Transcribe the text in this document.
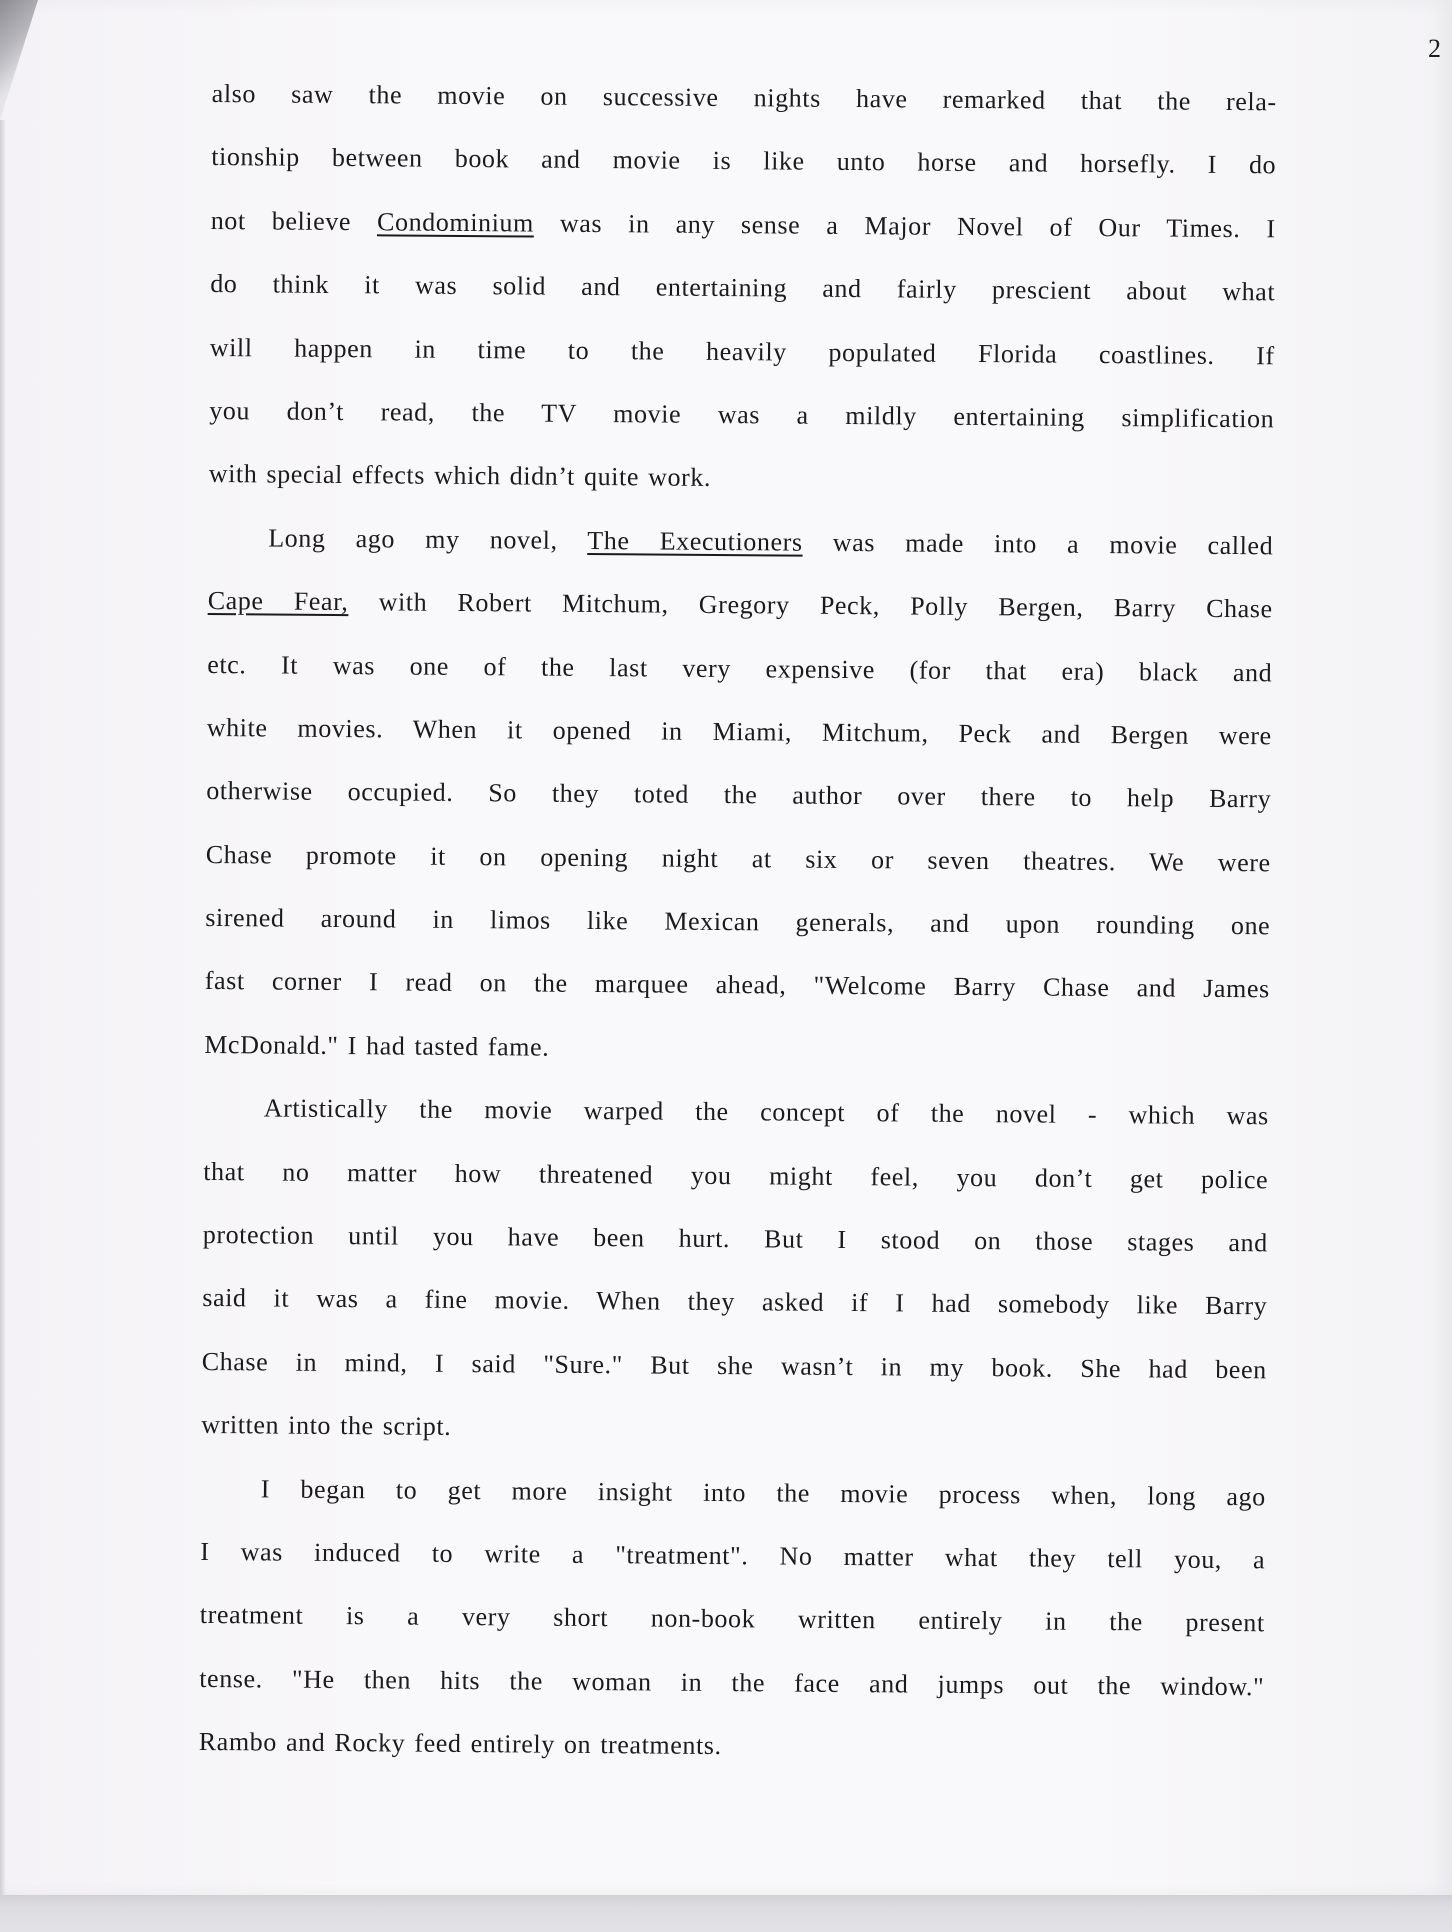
2
also saw the movie on successive nights have remarked that the rela-
tionship between book and movie is like unto horse and horsefly. I do
not believe Condominium was in any sense a Major Novel of Our Times. I
do think it was solid and entertaining and fairly prescient about what
will happen in time to the heavily populated Florida coastlines. If
you don’t read, the TV movie was a mildly entertaining simplification
with special effects which didn’t quite work.
Long ago my novel, The Executioners was made into a movie called
Cape Fear, with Robert Mitchum, Gregory Peck, Polly Bergen, Barry Chase
etc. It was one of the last very expensive (for that era) black and
white movies. When it opened in Miami, Mitchum, Peck and Bergen were
otherwise occupied. So they toted the author over there to help Barry
Chase promote it on opening night at six or seven theatres. We were
sirened around in limos like Mexican generals, and upon rounding one
fast corner I read on the marquee ahead, "Welcome Barry Chase and James
McDonald." I had tasted fame.
Artistically the movie warped the concept of the novel - which was
that no matter how threatened you might feel, you don’t get police
protection until you have been hurt. But I stood on those stages and
said it was a fine movie. When they asked if I had somebody like Barry
Chase in mind, I said "Sure." But she wasn’t in my book. She had been
written into the script.
I began to get more insight into the movie process when, long ago
I was induced to write a "treatment". No matter what they tell you, a
treatment is a very short non-book written entirely in the present
tense. "He then hits the woman in the face and jumps out the window."
Rambo and Rocky feed entirely on treatments.
